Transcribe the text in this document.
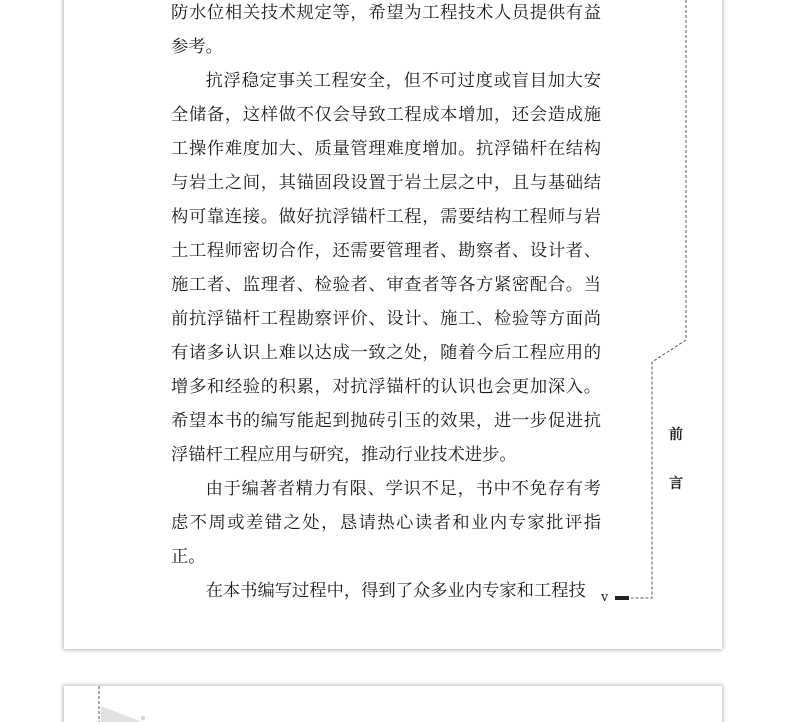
防水位相关技术规定等，希望为工程技术人员提供有益参考。

抗浮稳定事关工程安全，但不可过度或盲目加大安全储备，这样做不仅会导致工程成本增加，还会造成施工操作难度加大、质量管理难度增加。抗浮锚杆在结构与岩土之间，其锚固段设置于岩土层之中，且与基础结构可靠连接。做好抗浮锚杆工程，需要结构工程师与岩土工程师密切合作，还需要管理者、勘察者、设计者、施工者、监理者、检验者、审查者等各方紧密配合。当前抗浮锚杆工程勘察评价、设计、施工、检验等方面尚有诸多认识上难以达成一致之处，随着今后工程应用的增多和经验的积累，对抗浮锚杆的认识也会更加深入。希望本书的编写能起到抛砖引玉的效果，进一步促进抗浮锚杆工程应用与研究，推动行业技术进步。

由于编著者精力有限、学识不足，书中不免存有考虑不周或差错之处，恳请热心读者和业内专家批评指正。

在本书编写过程中，得到了众多业内专家和工程技

前
言
v
